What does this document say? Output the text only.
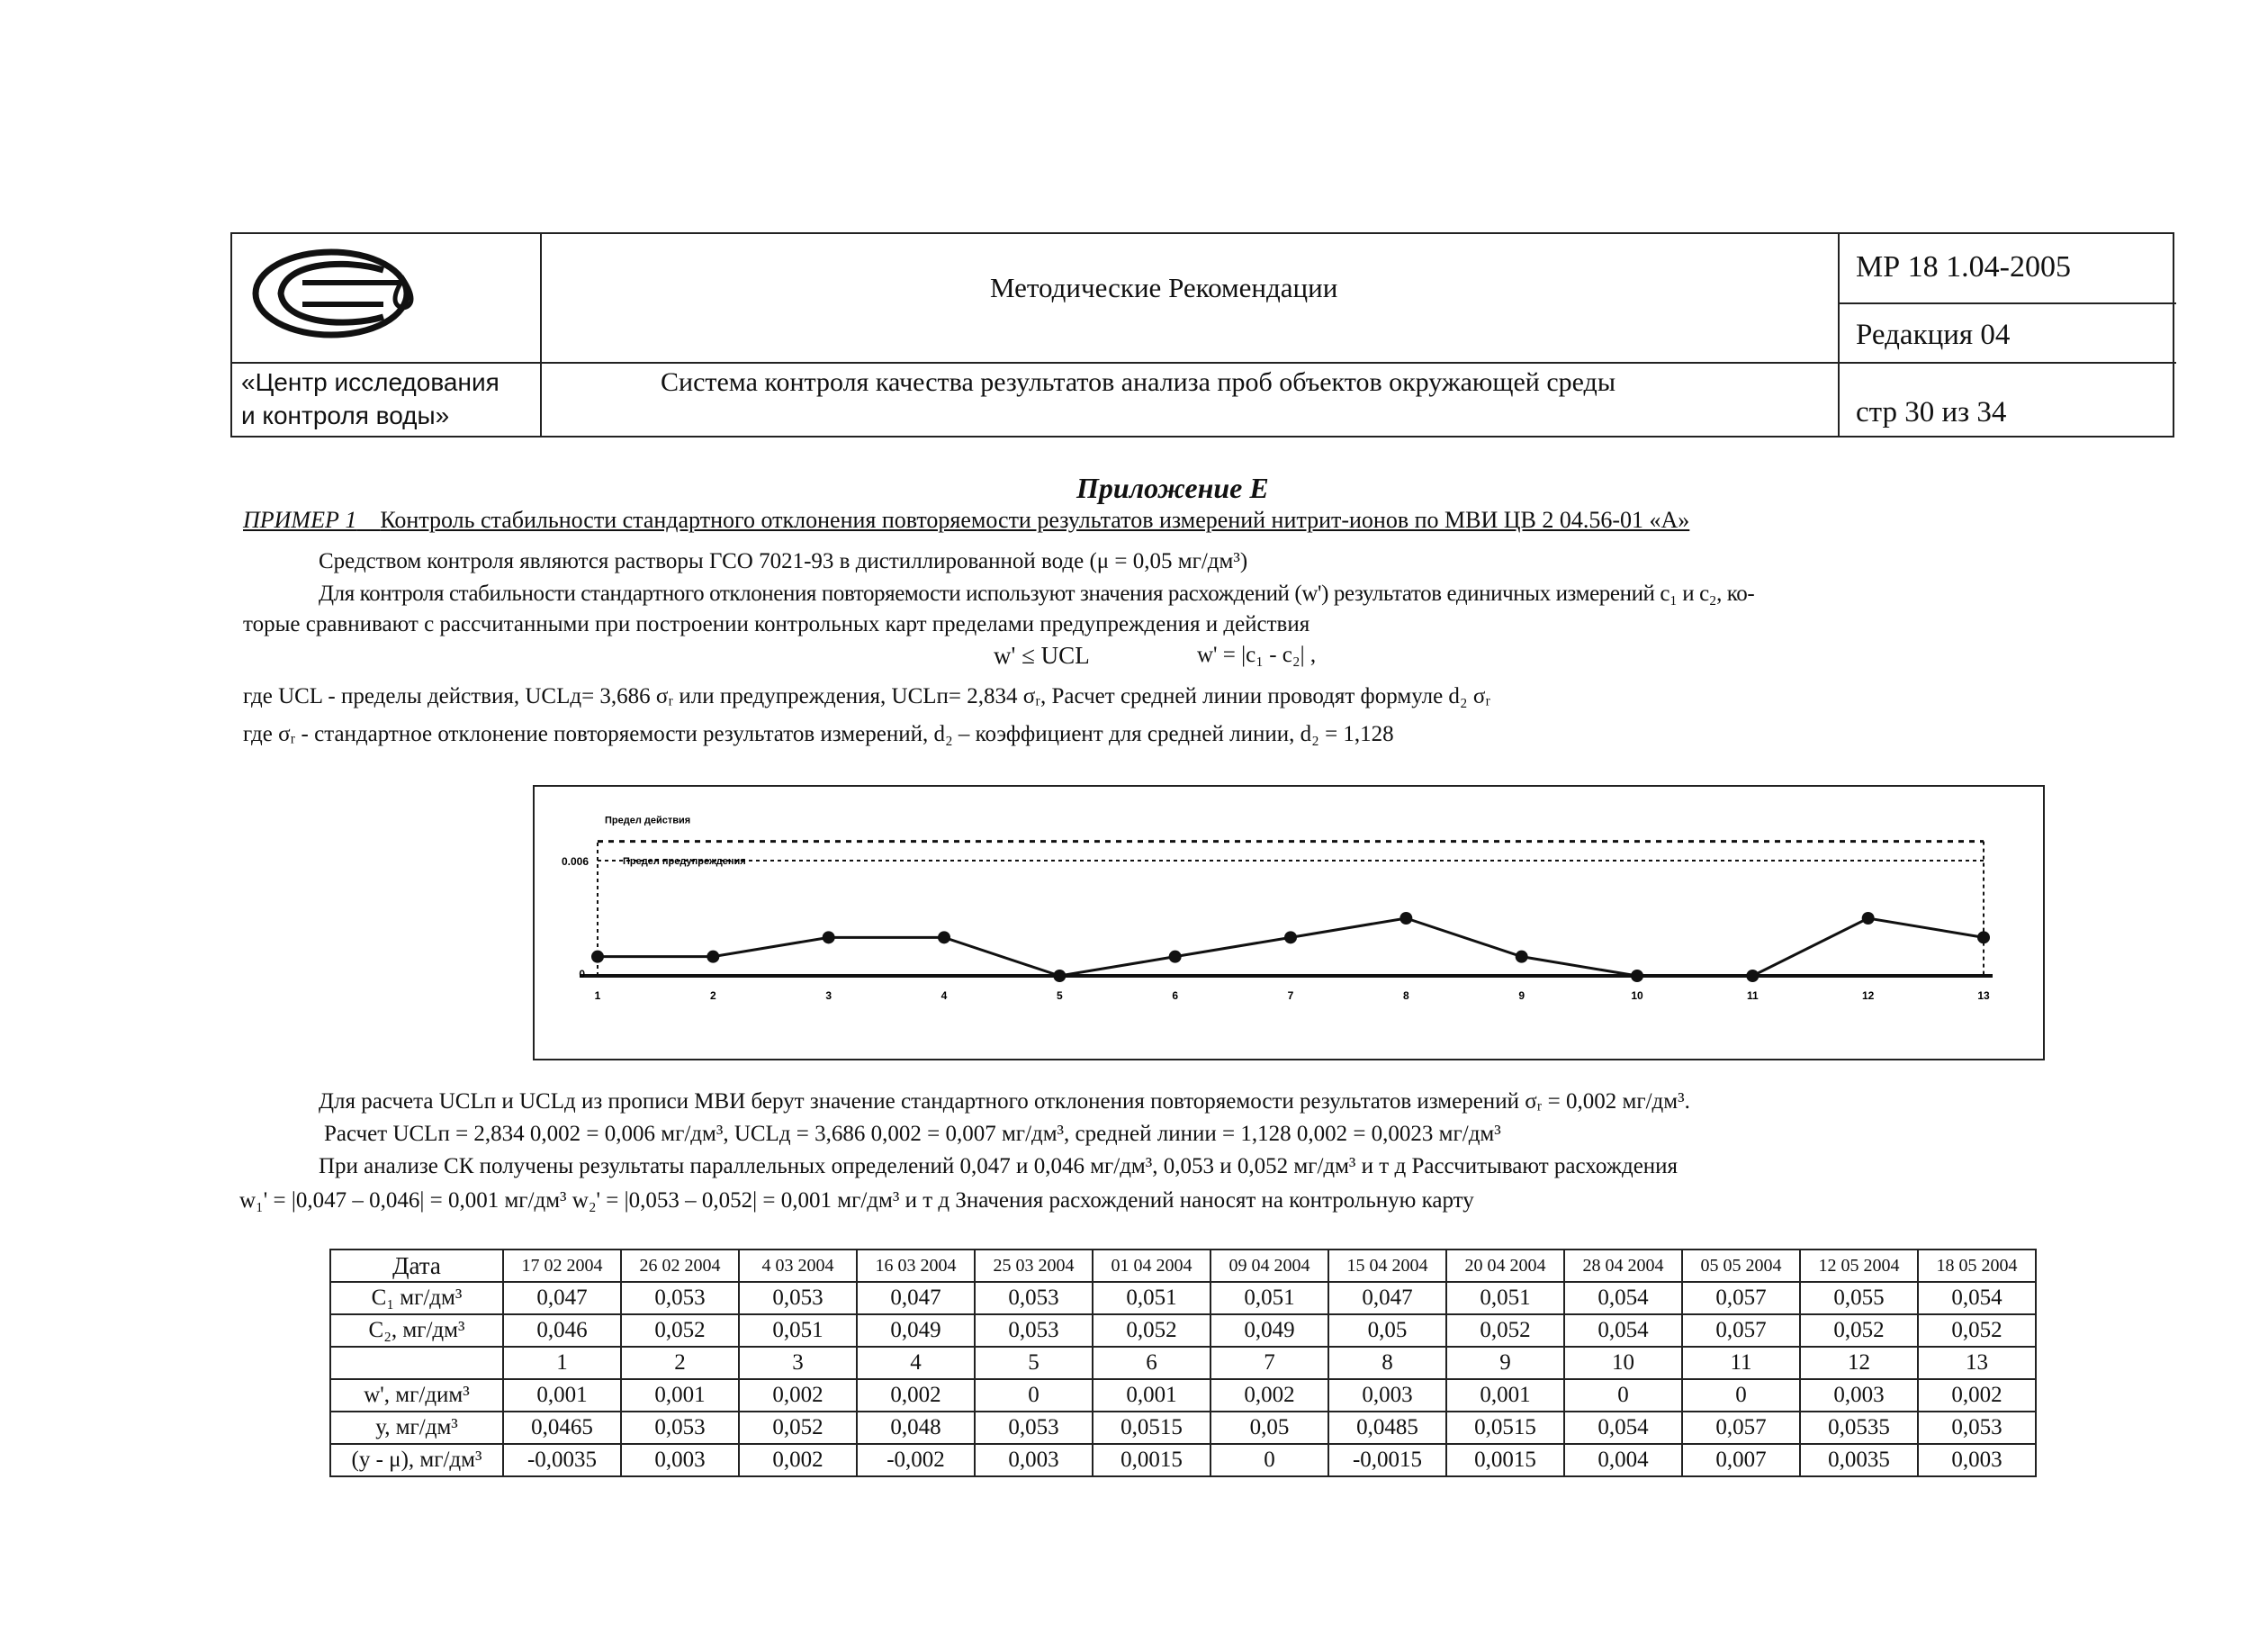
«Центр исследования
и контроля воды»
Методические Рекомендации
Система контроля качества результатов анализа проб объектов окружающей среды
МР 18 1.04-2005
Редакция 04
стр 30 из 34
Приложение Е
ПРИМЕР 1 Контроль стабильности стандартного отклонения повторяемости результатов измерений нитрит-ионов по МВИ ЦВ 2 04.56-01 «А»
Средством контроля являются растворы ГСО 7021-93 в дистиллированной воде (μ = 0,05 мг/дм³)
Для контроля стабильности стандартного отклонения повторяемости используют значения расхождений (w') результатов единичных измерений c₁ и c₂, ко-
торые сравнивают с рассчитанными при построении контрольных карт пределами предупреждения и действия
w' ≤ UCL	w' = |c₁ - c₂| ,
где UCL - пределы действия, UCLд= 3,686 σᵣ или предупреждения, UCLп= 2,834 σᵣ, Расчет средней линии проводят формуле d₂ σᵣ
где σᵣ - стандартное отклонение повторяемости результатов измерений, d₂ – коэффициент для средней линии, d₂ = 1,128
Предел действия
Предел предупреждения
0
0.006
1	2	3	4	5	6	7	8	9	10	11	12	13
Для расчета UCLп и UCLд из прописи МВИ берут значение стандартного отклонения повторяемости результатов измерений σᵣ = 0,002 мг/дм³.
Расчет UCLп = 2,834 0,002 = 0,006 мг/дм³, UCLд = 3,686 0,002 = 0,007 мг/дм³, средней линии = 1,128 0,002 = 0,0023 мг/дм³
При анализе СК получены результаты параллельных определений 0,047 и 0,046 мг/дм³, 0,053 и 0,052 мг/дм³ и т д Рассчитывают расхождения
w₁' = |0,047 – 0,046| = 0,001 мг/дм³ w₂' = |0,053 – 0,052| = 0,001 мг/дм³ и т д Значения расхождений наносят на контрольную карту
Дата	17 02 2004	26 02 2004	4 03 2004	16 03 2004	25 03 2004	01 04 2004	09 04 2004	15 04 2004	20 04 2004	28 04 2004	05 05 2004	12 05 2004	18 05 2004
C₁ мг/дм³	0,047	0,053	0,053	0,047	0,053	0,051	0,051	0,047	0,051	0,054	0,057	0,055	0,054
C₂, мг/дм³	0,046	0,052	0,051	0,049	0,053	0,052	0,049	0,05	0,052	0,054	0,057	0,052	0,052
	1	2	3	4	5	6	7	8	9	10	11	12	13
w', мг/дим³	0,001	0,001	0,002	0,002	0	0,001	0,002	0,003	0,001	0	0	0,003	0,002
у, мг/дм³	0,0465	0,053	0,052	0,048	0,053	0,0515	0,05	0,0485	0,0515	0,054	0,057	0,0535	0,053
(у - μ), мг/дм³	-0,0035	0,003	0,002	-0,002	0,003	0,0015	0	-0,0015	0,0015	0,004	0,007	0,0035	0,003
